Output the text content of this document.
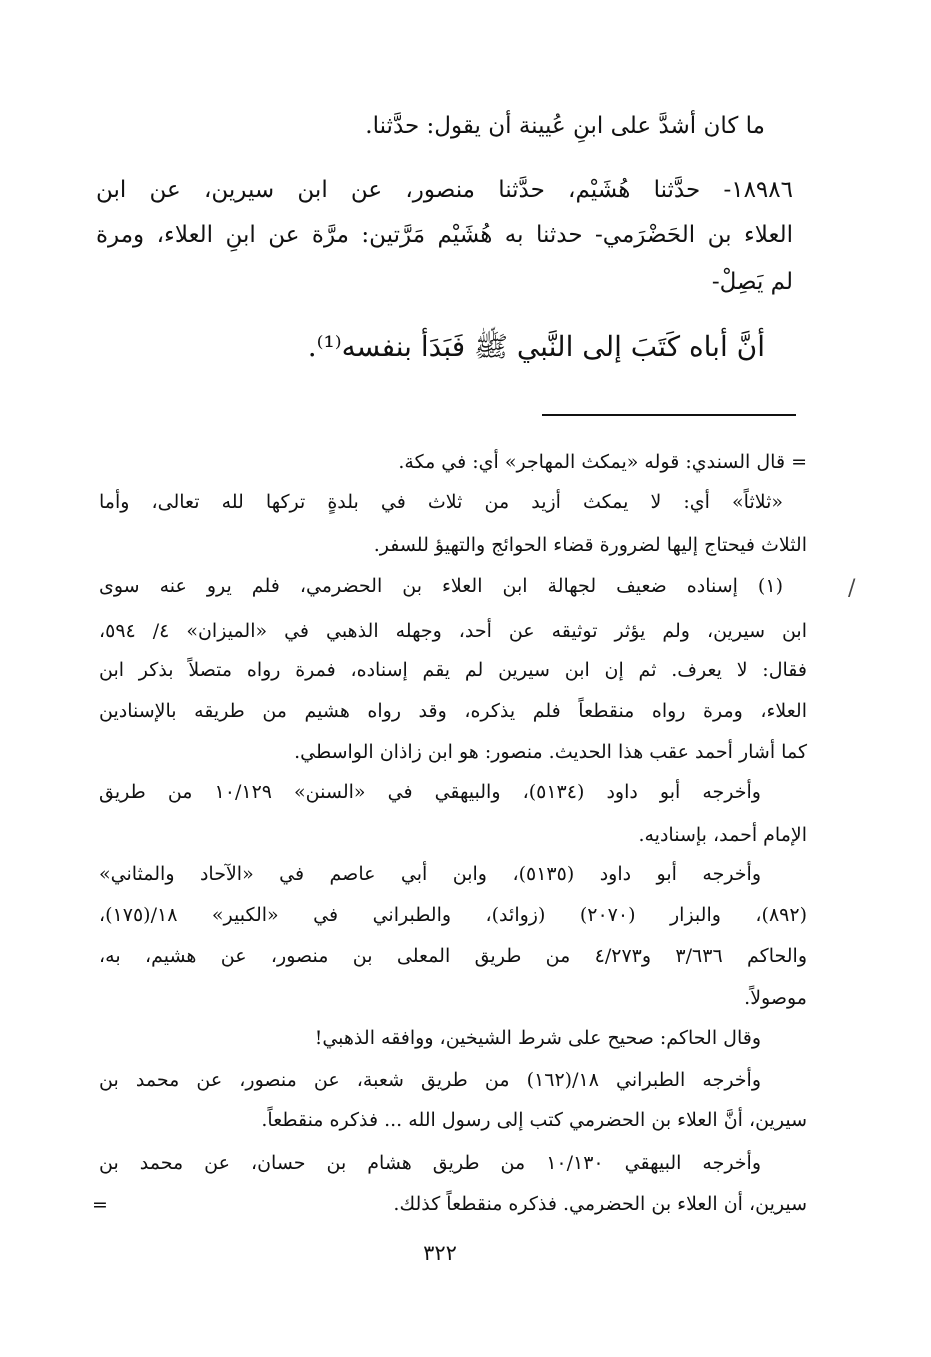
ما كان أشدَّ على ابنِ عُيينة أن يقول: حدَّثنا.
١٨٩٨٦- حدَّثنا هُشَيْم، حدَّثنا منصور، عن ابن سيرين، عن ابن
العلاء بن الحَضْرَمي- حدثنا به هُشَيْم مَرَّتين: مرَّة عن ابنِ العلاء، ومرة
لم يَصِلْ-
أنَّ أباه كَتَبَ إلى النَّبي ﷺ فَبَدَأ بنفسه⁽¹⁾.
= قال السندي: قوله «يمكث المهاجر» أي: في مكة.
«ثلاثاً» أي: لا يمكث أزيد من ثلاث في بلدةٍ تركها لله تعالى، وأما
الثلاث فيحتاج إليها لضرورة قضاء الحوائج والتهيؤ للسفر.
(١) إسناده ضعيف لجهالة ابن العلاء بن الحضرمي، فلم يرو عنه سوى
ابن سيرين، ولم يؤثر توثيقه عن أحد، وجهله الذهبي في «الميزان» ٤/ ٥٩٤،
فقال: لا يعرف. ثم إن ابن سيرين لم يقم إسناده، فمرة رواه متصلاً بذكر ابن
العلاء، ومرة رواه منقطعاً فلم يذكره، وقد رواه هشيم من طريقه بالإسنادين
كما أشار أحمد عقب هذا الحديث. منصور: هو ابن زاذان الواسطي.
وأخرجه أبو داود (٥١٣٤)، والبيهقي في «السنن» ١٠/١٢٩ من طريق
الإمام أحمد، بإسناديه.
وأخرجه أبو داود (٥١٣٥)، وابن أبي عاصم في «الآحاد والمثاني»
(٨٩٢)، والبزار (٢٠٧٠) (زوائد)، والطبراني في «الكبير» ١٨/(١٧٥)،
والحاكم ٣/٦٣٦ و٤/٢٧٣ من طريق المعلى بن منصور، عن هشيم، به،
موصولاً.
وقال الحاكم: صحيح على شرط الشيخين، ووافقه الذهبي!
وأخرجه الطبراني ١٨/(١٦٢) من طريق شعبة، عن منصور، عن محمد بن
سيرين، أنَّ العلاء بن الحضرمي كتب إلى رسول الله ... فذكره منقطعاً.
وأخرجه البيهقي ١٠/١٣٠ من طريق هشام بن حسان، عن محمد بن
سيرين، أن العلاء بن الحضرمي. فذكره منقطعاً كذلك.
=
/
٣٢٢
